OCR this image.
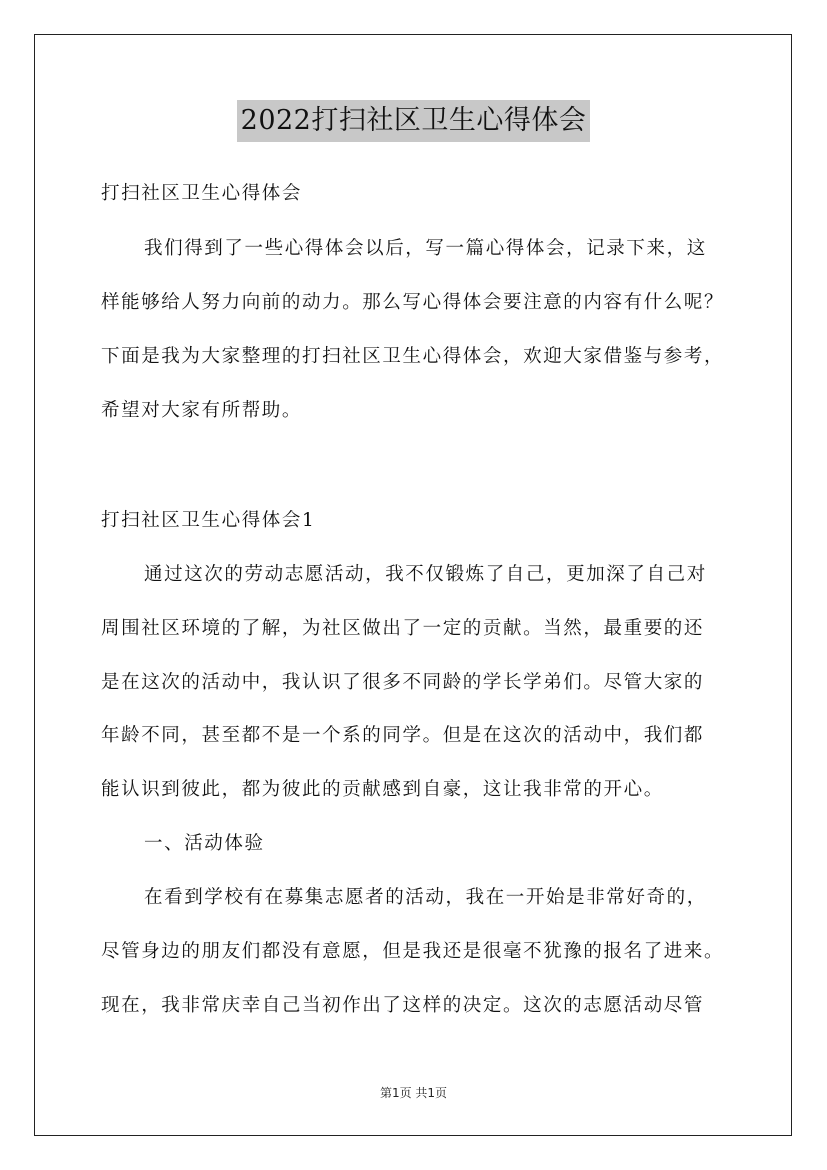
2022打扫社区卫生心得体会
打扫社区卫生心得体会
我们得到了一些心得体会以后，写一篇心得体会，记录下来，这
样能够给人努力向前的动力。那么写心得体会要注意的内容有什么呢？
下面是我为大家整理的打扫社区卫生心得体会，欢迎大家借鉴与参考，
希望对大家有所帮助。
打扫社区卫生心得体会1
通过这次的劳动志愿活动，我不仅锻炼了自己，更加深了自己对
周围社区环境的了解，为社区做出了一定的贡献。当然，最重要的还
是在这次的活动中，我认识了很多不同龄的学长学弟们。尽管大家的
年龄不同，甚至都不是一个系的同学。但是在这次的活动中，我们都
能认识到彼此，都为彼此的贡献感到自豪，这让我非常的开心。
一、活动体验
在看到学校有在募集志愿者的活动，我在一开始是非常好奇的，
尽管身边的朋友们都没有意愿，但是我还是很毫不犹豫的报名了进来。
现在，我非常庆幸自己当初作出了这样的决定。这次的志愿活动尽管
第1页 共1页
